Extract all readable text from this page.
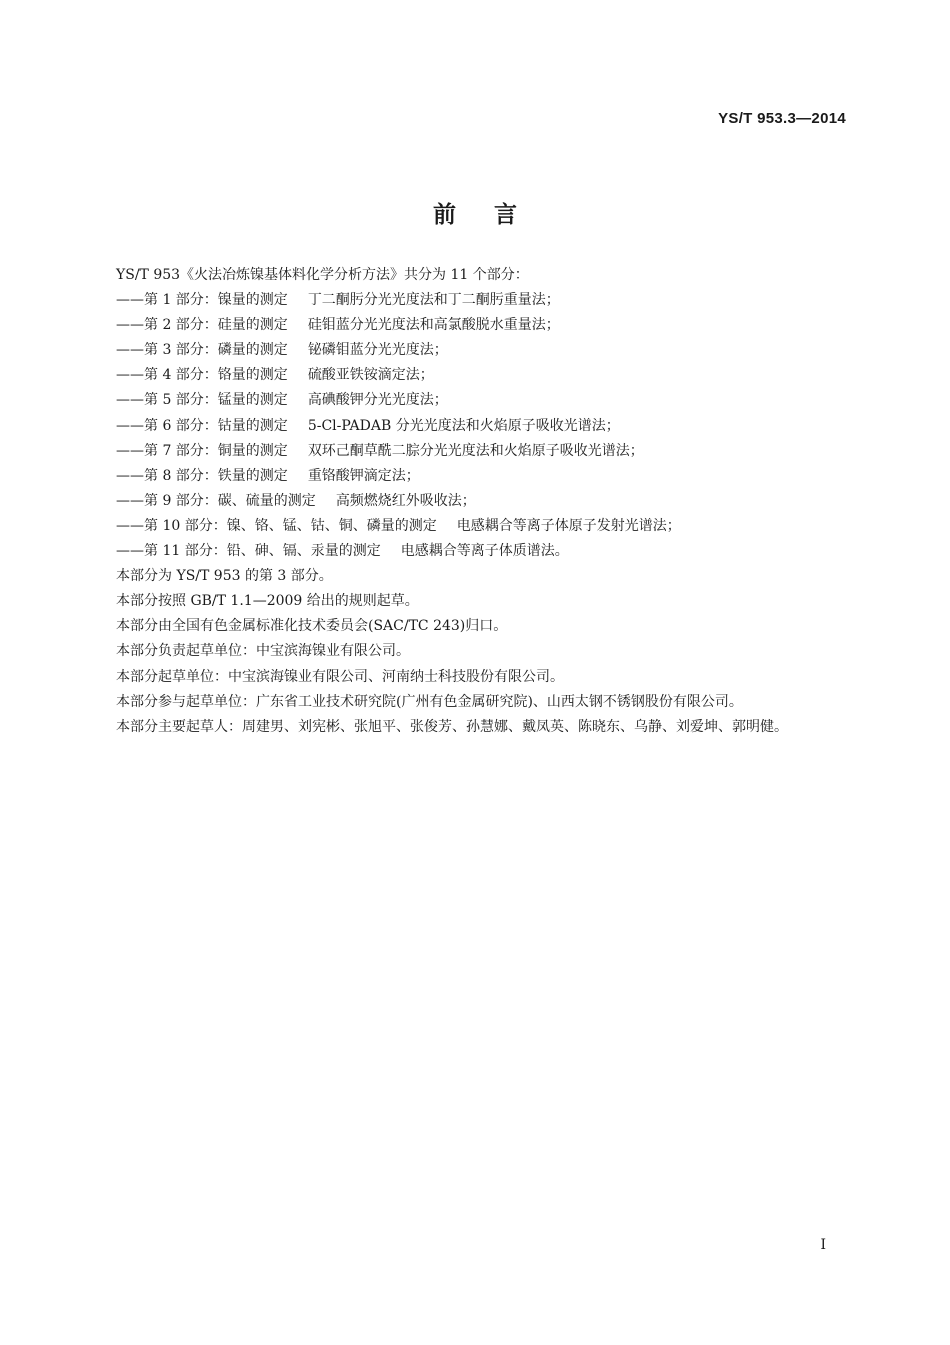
YS/T 953.3—2014
前 言

YS/T 953《火法冶炼镍基体料化学分析方法》共分为 11 个部分：

——第 1 部分：镍量的测定 丁二酮肟分光光度法和丁二酮肟重量法；

——第 2 部分：硅量的测定 硅钼蓝分光光度法和高氯酸脱水重量法；

——第 3 部分：磷量的测定 铋磷钼蓝分光光度法；

——第 4 部分：铬量的测定 硫酸亚铁铵滴定法；

——第 5 部分：锰量的测定 高碘酸钾分光光度法；

——第 6 部分：钴量的测定 5-Cl-PADAB 分光光度法和火焰原子吸收光谱法；

——第 7 部分：铜量的测定 双环己酮草酰二腙分光光度法和火焰原子吸收光谱法；

——第 8 部分：铁量的测定 重铬酸钾滴定法；

——第 9 部分：碳、硫量的测定 高频燃烧红外吸收法；

——第 10 部分：镍、铬、锰、钴、铜、磷量的测定 电感耦合等离子体原子发射光谱法；

——第 11 部分：铅、砷、镉、汞量的测定 电感耦合等离子体质谱法。

本部分为 YS/T 953 的第 3 部分。

本部分按照 GB/T 1.1—2009 给出的规则起草。

本部分由全国有色金属标准化技术委员会(SAC/TC 243)归口。

本部分负责起草单位：中宝滨海镍业有限公司。

本部分起草单位：中宝滨海镍业有限公司、河南纳士科技股份有限公司。

本部分参与起草单位：广东省工业技术研究院(广州有色金属研究院)、山西太钢不锈钢股份有限公司。

本部分主要起草人：周建男、刘宪彬、张旭平、张俊芳、孙慧娜、戴凤英、陈晓东、乌静、刘爱坤、郭明健。

I
